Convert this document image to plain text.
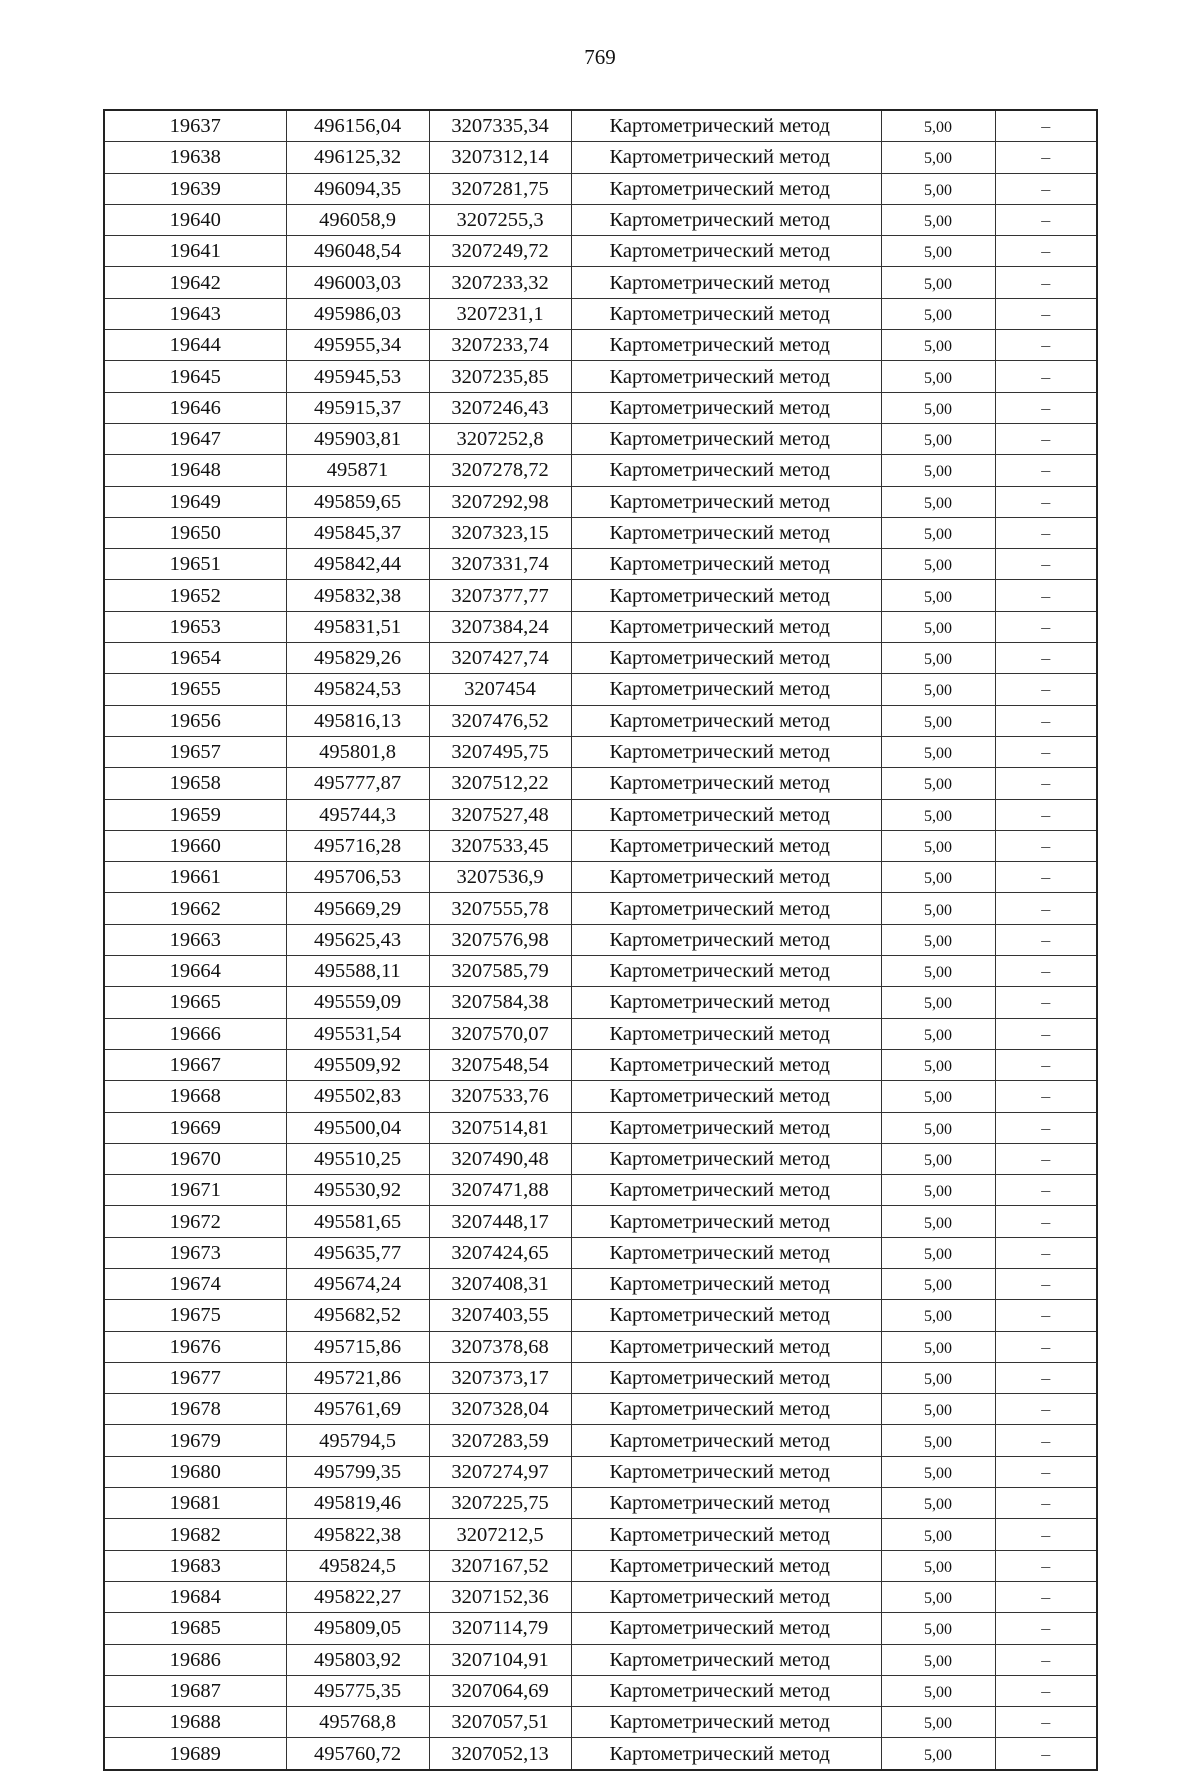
769
19637	496156,04	3207335,34	Картометрический метод	5,00	–
19638	496125,32	3207312,14	Картометрический метод	5,00	–
19639	496094,35	3207281,75	Картометрический метод	5,00	–
19640	496058,9	3207255,3	Картометрический метод	5,00	–
19641	496048,54	3207249,72	Картометрический метод	5,00	–
19642	496003,03	3207233,32	Картометрический метод	5,00	–
19643	495986,03	3207231,1	Картометрический метод	5,00	–
19644	495955,34	3207233,74	Картометрический метод	5,00	–
19645	495945,53	3207235,85	Картометрический метод	5,00	–
19646	495915,37	3207246,43	Картометрический метод	5,00	–
19647	495903,81	3207252,8	Картометрический метод	5,00	–
19648	495871	3207278,72	Картометрический метод	5,00	–
19649	495859,65	3207292,98	Картометрический метод	5,00	–
19650	495845,37	3207323,15	Картометрический метод	5,00	–
19651	495842,44	3207331,74	Картометрический метод	5,00	–
19652	495832,38	3207377,77	Картометрический метод	5,00	–
19653	495831,51	3207384,24	Картометрический метод	5,00	–
19654	495829,26	3207427,74	Картометрический метод	5,00	–
19655	495824,53	3207454	Картометрический метод	5,00	–
19656	495816,13	3207476,52	Картометрический метод	5,00	–
19657	495801,8	3207495,75	Картометрический метод	5,00	–
19658	495777,87	3207512,22	Картометрический метод	5,00	–
19659	495744,3	3207527,48	Картометрический метод	5,00	–
19660	495716,28	3207533,45	Картометрический метод	5,00	–
19661	495706,53	3207536,9	Картометрический метод	5,00	–
19662	495669,29	3207555,78	Картометрический метод	5,00	–
19663	495625,43	3207576,98	Картометрический метод	5,00	–
19664	495588,11	3207585,79	Картометрический метод	5,00	–
19665	495559,09	3207584,38	Картометрический метод	5,00	–
19666	495531,54	3207570,07	Картометрический метод	5,00	–
19667	495509,92	3207548,54	Картометрический метод	5,00	–
19668	495502,83	3207533,76	Картометрический метод	5,00	–
19669	495500,04	3207514,81	Картометрический метод	5,00	–
19670	495510,25	3207490,48	Картометрический метод	5,00	–
19671	495530,92	3207471,88	Картометрический метод	5,00	–
19672	495581,65	3207448,17	Картометрический метод	5,00	–
19673	495635,77	3207424,65	Картометрический метод	5,00	–
19674	495674,24	3207408,31	Картометрический метод	5,00	–
19675	495682,52	3207403,55	Картометрический метод	5,00	–
19676	495715,86	3207378,68	Картометрический метод	5,00	–
19677	495721,86	3207373,17	Картометрический метод	5,00	–
19678	495761,69	3207328,04	Картометрический метод	5,00	–
19679	495794,5	3207283,59	Картометрический метод	5,00	–
19680	495799,35	3207274,97	Картометрический метод	5,00	–
19681	495819,46	3207225,75	Картометрический метод	5,00	–
19682	495822,38	3207212,5	Картометрический метод	5,00	–
19683	495824,5	3207167,52	Картометрический метод	5,00	–
19684	495822,27	3207152,36	Картометрический метод	5,00	–
19685	495809,05	3207114,79	Картометрический метод	5,00	–
19686	495803,92	3207104,91	Картометрический метод	5,00	–
19687	495775,35	3207064,69	Картометрический метод	5,00	–
19688	495768,8	3207057,51	Картометрический метод	5,00	–
19689	495760,72	3207052,13	Картометрический метод	5,00	–
